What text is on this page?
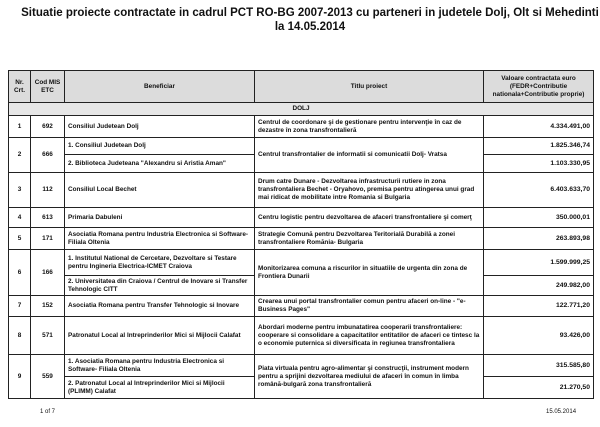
Situatie proiecte contractate in cadrul PCT RO-BG 2007-2013 cu parteneri in judetele Dolj, Olt si Mehedinti la 14.05.2014
Nr. Crt.	Cod MIS ETC	Beneficiar	Titlu proiect	Valoare contractata euro (FEDR+Contributie nationala+Contributie proprie)
DOLJ				
1	692	Consiliul Judetean Dolj	Centrul de coordonare şi de gestionare pentru intervenţie în caz de dezastre în zona transfrontalieră	4.334.491,00
2	666	1. Consiliul Judetean Dolj	Centrul transfrontalier de informatii si comunicatii Dolj- Vratsa	1.825.346,74
		2. Biblioteca Judeteana "Alexandru si Aristia Aman"		1.103.330,95
3	112	Consiliul Local Bechet	Drum catre Dunare - Dezvoltarea infrastructurii rutiere in zona transfrontaliera Bechet - Oryahovo, premisa pentru atingerea unui grad mai ridicat de mobilitate intre Romania si Bulgaria	6.403.633,70
4	613	Primaria Dabuleni	Centru logistic pentru dezvoltarea de afaceri transfrontaliere şi comerţ	350.000,01
5	171	Asociatia Romana pentru Industria Electronica si Software- Filiala Oltenia	Strategie Comună pentru Dezvoltarea Teritorială Durabilă a zonei transfrontaliere Romănia- Bulgaria	263.893,98
6	166	1. Institutul National de Cercetare, Dezvoltare si Testare pentru Ingineria Electrica-ICMET Craiova	Monitorizarea comuna a riscurilor in situatiile de urgenta din zona de Frontiera Dunarii	1.599.999,25
		2. Universitatea din Craiova / Centrul de Inovare si Transfer Tehnologic CITT		249.982,00
7	152	Asociatia Romana pentru Transfer Tehnologic si Inovare	Crearea unui portal transfrontalier comun pentru afaceri on-line - "e-Business Pages"	122.771,20
8	571	Patronatul Local al Intreprinderilor Mici si Mijlocii Calafat	Abordari moderne pentru imbunatatirea cooperarii transfrontaliere: cooperare si consolidare a capacitatilor entitatilor de afaceri ce tintesc la o economie puternica si diversificata in regiunea transfrontaliera	93.426,00
9	559	1. Asociatia Romana pentru Industria Electronica si Software- Filiala Oltenia	Piata virtuala pentru agro-alimentar şi construcţii, instrument modern pentru a sprijini dezvoltarea mediului de afaceri în comun în limba română-bulgară zona transfrontalieră	315.585,80
		2. Patronatul Local al Intreprinderilor Mici si Mijlocii (PLIMM) Calafat		21.270,50
1 of 7	15.05.2014
